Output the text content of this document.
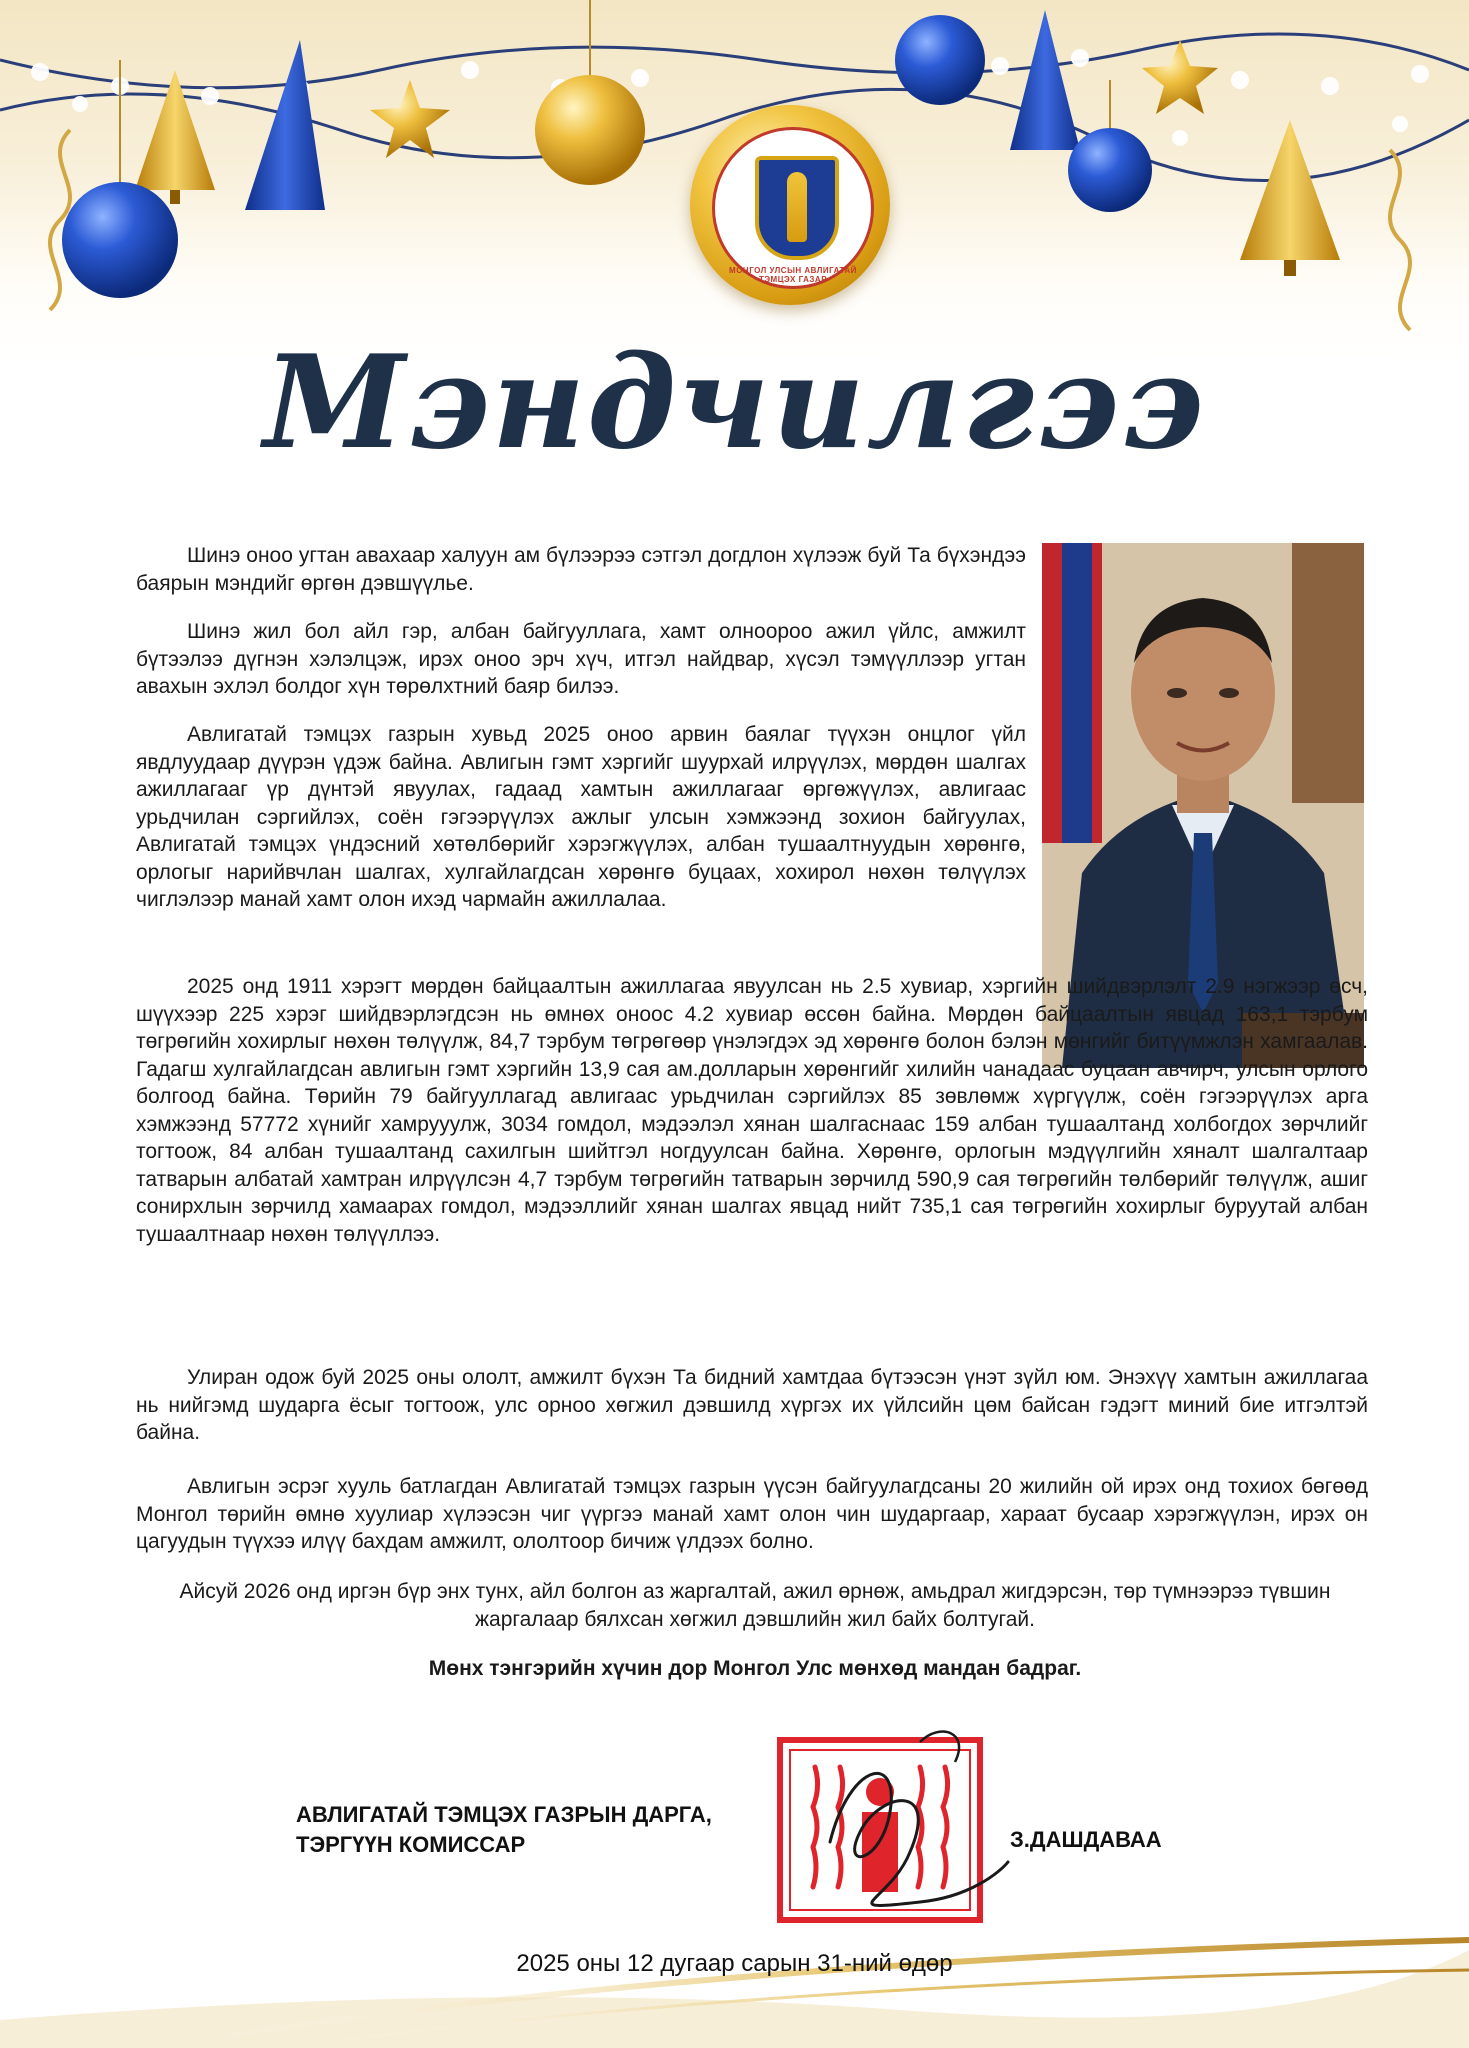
МОНГОЛ УЛСЫН АВЛИГАТАЙ ТЭМЦЭХ ГАЗАР
Мэндчилгээ

Шинэ оноо угтан авахаар халуун ам бүлээрээ сэтгэл догдлон хүлээж буй Та бүхэндээ баярын мэндийг өргөн дэвшүүлье.

Шинэ жил бол айл гэр, албан байгууллага, хамт олноороо ажил үйлс, амжилт бүтээлээ дүгнэн хэлэлцэж, ирэх оноо эрч хүч, итгэл найдвар, хүсэл тэмүүллээр угтан авахын эхлэл болдог хүн төрөлхтний баяр билээ.

Авлигатай тэмцэх газрын хувьд 2025 оноо арвин баялаг түүхэн онцлог үйл явдлуудаар дүүрэн үдэж байна. Авлигын гэмт хэргийг шуурхай илрүүлэх, мөрдөн шалгах ажиллагааг үр дүнтэй явуулах, гадаад хамтын ажиллагааг өргөжүүлэх, авлигаас урьдчилан сэргийлэх, соён гэгээрүүлэх ажлыг улсын хэмжээнд зохион байгуулах, Авлигатай тэмцэх үндэсний хөтөлбөрийг хэрэгжүүлэх, албан тушаалтнуудын хөрөнгө, орлогыг нарийвчлан шалгах, хулгайлагдсан хөрөнгө буцаах, хохирол нөхөн төлүүлэх чиглэлээр манай хамт олон ихэд чармайн ажиллалаа.

2025 онд 1911 хэрэгт мөрдөн байцаалтын ажиллагаа явуулсан нь 2.5 хувиар, хэргийн шийдвэрлэлт 2.9 нэгжээр өсч, шүүхээр 225 хэрэг шийдвэрлэгдсэн нь өмнөх оноос 4.2 хувиар өссөн байна. Мөрдөн байцаалтын явцад 163,1 тэрбум төгрөгийн хохирлыг нөхөн төлүүлж, 84,7 тэрбум төгрөгөөр үнэлэгдэх эд хөрөнгө болон бэлэн мөнгийг битүүмжлэн хамгаалав. Гадагш хулгайлагдсан авлигын гэмт хэргийн 13,9 сая ам.долларын хөрөнгийг хилийн чанадаас буцаан авчирч, улсын орлого болгоод байна. Төрийн 79 байгууллагад авлигаас урьдчилан сэргийлэх 85 зөвлөмж хүргүүлж, соён гэгээрүүлэх арга хэмжээнд 57772 хүнийг хамрууулж, 3034 гомдол, мэдээлэл хянан шалгаснаас 159 албан тушаалтанд холбогдох зөрчлийг тогтоож, 84 албан тушаалтанд сахилгын шийтгэл ногдуулсан байна. Хөрөнгө, орлогын мэдүүлгийн хяналт шалгалтаар татварын албатай хамтран илрүүлсэн 4,7 тэрбум төгрөгийн татварын зөрчилд 590,9 сая төгрөгийн төлбөрийг төлүүлж, ашиг сонирхлын зөрчилд хамаарах гомдол, мэдээллийг хянан шалгах явцад нийт 735,1 сая төгрөгийн хохирлыг буруутай албан тушаалтнаар нөхөн төлүүллээ.

Улиран одож буй 2025 оны ололт, амжилт бүхэн Та бидний хамтдаа бүтээсэн үнэт зүйл юм. Энэхүү хамтын ажиллагаа нь нийгэмд шударга ёсыг тогтоож, улс орноо хөгжил дэвшилд хүргэх их үйлсийн цөм байсан гэдэгт миний бие итгэлтэй байна.

Авлигын эсрэг хууль батлагдан Авлигатай тэмцэх газрын үүсэн байгуулагдсаны 20 жилийн ой ирэх онд тохиох бөгөөд Монгол төрийн өмнө хуулиар хүлээсэн чиг үүргээ манай хамт олон чин шударгаар, хараат бусаар хэрэгжүүлэн, ирэх он цагуудын түүхээ илүү бахдам амжилт, ололтоор бичиж үлдээх болно.

Айсуй 2026 онд иргэн бүр энх тунх, айл болгон аз жаргалтай, ажил өрнөж, амьдрал жигдэрсэн, төр түмнээрээ түвшин жаргалаар бялхсан хөгжил дэвшлийн жил байх болтугай.

Мөнх тэнгэрийн хүчин дор Монгол Улс мөнхөд мандан бадраг.

АВЛИГАТАЙ ТЭМЦЭХ ГАЗРЫН ДАРГА,
ТЭРГҮҮН КОМИССАР	З.ДАШДАВАА
2025 оны 12 дугаар сарын 31-ний өдөр
